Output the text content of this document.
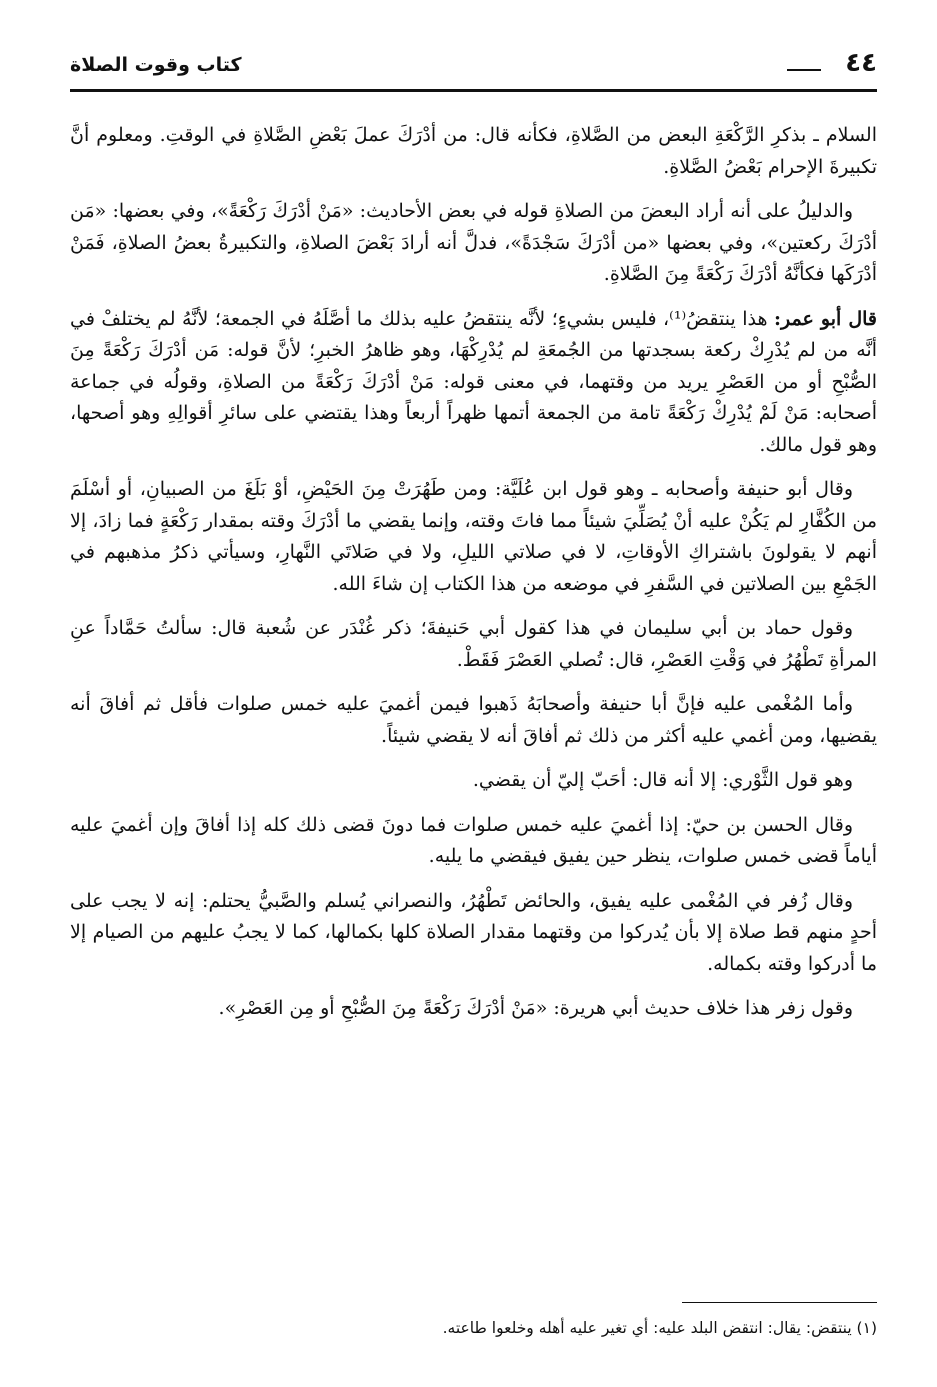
٤٤
كتاب وقوت الصلاة

السلام ـ بذكرِ الرَّكْعَةِ البعض من الصَّلاةِ، فكأنه قال: من أدْرَكَ عملَ بَعْضِ الصَّلاةِ في الوقتِ. ومعلوم أنَّ تكبيرةَ الإحرام بَعْضُ الصَّلاةِ.

والدليلُ على أنه أراد البعضَ من الصلاةِ قوله في بعض الأحاديث: «مَنْ أدْرَكَ رَكْعَةً»، وفي بعضها: «مَن أدْرَكَ ركعتين»، وفي بعضها «من أدْرَكَ سَجْدَةً»، فدلَّ أنه أرادَ بَعْضَ الصلاةِ، والتكبيرةُ بعضُ الصلاةِ، فَمَنْ أدْرَكَها فكأنَّهُ أدْرَكَ رَكْعَةً مِنَ الصَّلاةِ.

قال أبو عمر: هذا ينتقضُ⁽¹⁾، فليس بشيءٍ؛ لأنَّه ينتقضُ عليه بذلك ما أصَّلَهُ في الجمعة؛ لأنَّهُ لم يختلفْ في أنَّه من لم يُدْرِكْ ركعة بسجدتها من الجُمعَةِ لم يُدْرِكْهَا، وهو ظاهرُ الخبرِ؛ لأنَّ قوله: مَن أدْرَكَ رَكْعَةً مِنَ الصُّبْحِ أو من العَصْرِ يريد من وقتهما، في معنى قوله: مَنْ أدْرَكَ رَكْعَةً من الصلاةِ، وقولُه في جماعة أصحابه: مَنْ لَمْ يُدْرِكْ رَكْعَةً تامة من الجمعة أتمها ظهراً أربعاً وهذا يقتضي على سائرِ أقوالِهِ وهو أصحها، وهو قول مالك.

وقال أبو حنيفة وأصحابه ـ وهو قول ابن عُلَيَّة: ومن طَهُرَتْ مِنَ الحَيْضِ، أوْ بَلَغَ من الصبيانِ، أو أسْلَمَ من الكُفَّارِ لم يَكُنْ عليه أنْ يُصَلِّيَ شيئاً مما فاتَ وقته، وإنما يقضي ما أدْرَكَ وقته بمقدار رَكْعَةٍ فما زادَ، إلا أنهم لا يقولونَ باشتراكِ الأوقاتِ، لا في صلاتي الليلِ، ولا في صَلاتَي النَّهارِ، وسيأتي ذكرُ مذهبهم في الجَمْعِ بين الصلاتين في السَّفرِ في موضعه من هذا الكتاب إن شاءَ الله.

وقول حماد بن أبي سليمان في هذا كقول أبي حَنيفةَ؛ ذكر غُنْدَر عن شُعبة قال: سألتُ حَمَّاداً عنِ المرأةِ تَطْهُرُ في وَقْتِ العَصْرِ، قال: تُصلي العَصْرَ فَقَطْ.

وأما المُغْمى عليه فإنَّ أبا حنيفة وأصحابَهُ ذَهبوا فيمن أغميَ عليه خمس صلوات فأقل ثم أفاقَ أنه يقضيها، ومن أغمي عليه أكثر من ذلك ثم أفاقَ أنه لا يقضي شيئاً.

وهو قول الثَّوْري: إلا أنه قال: أحَبّ إليّ أن يقضي.

وقال الحسن بن حيّ: إذا أغميَ عليه خمس صلوات فما دونَ قضى ذلك كله إذا أفاقَ وإن أغميَ عليه أياماً قضى خمس صلوات، ينظر حين يفيق فيقضي ما يليه.

وقال زُفر في المُغْمى عليه يفيق، والحائض تَطْهُرُ، والنصراني يُسلم والصَّبيُّ يحتلم: إنه لا يجب على أحدٍ منهم قط صلاة إلا بأن يُدركوا من وقتهما مقدار الصلاة كلها بكمالها، كما لا يجبُ عليهم من الصيام إلا ما أدركوا وقته بكماله.

وقول زفر هذا خلاف حديث أبي هريرة: «مَنْ أدْرَكَ رَكْعَةً مِنَ الصُّبْحِ أو مِن العَصْرِ».

(١) ينتقض: يقال: انتقض البلد عليه: أي تغير عليه أهله وخلعوا طاعته.
